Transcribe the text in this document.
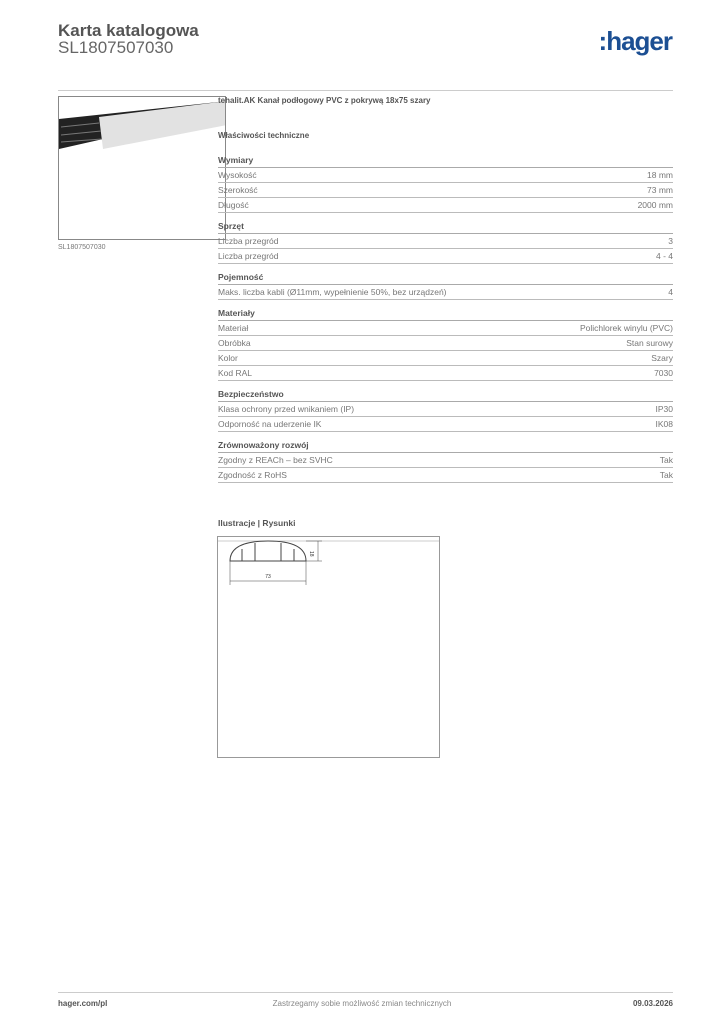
Karta katalogowa
SL1807507030	:hager
SL1807507030
tehalit.AK Kanał podłogowy PVC z pokrywą 18x75 szary
Właściwości techniczne
Wymiary
Wysokość	18 mm
Szerokość	73 mm
Długość	2000 mm
Sprzęt
Liczba przegród	3
Liczba przegród	4 - 4
Pojemność
Maks. liczba kabli (Ø11mm, wypełnienie 50%, bez urządzeń)	4
Materiały
Materiał	Polichlorek winylu (PVC)
Obróbka	Stan surowy
Kolor	Szary
Kod RAL	7030
Bezpieczeństwo
Klasa ochrony przed wnikaniem (IP)	IP30
Odporność na uderzenie IK	IK08
Zrównoważony rozwój
Zgodny z REACh – bez SVHC	Tak
Zgodność z RoHS	Tak
Ilustracje | Rysunki
73
18
hager.com/pl	Zastrzegamy sobie możliwość zmian technicznych	09.03.2026
